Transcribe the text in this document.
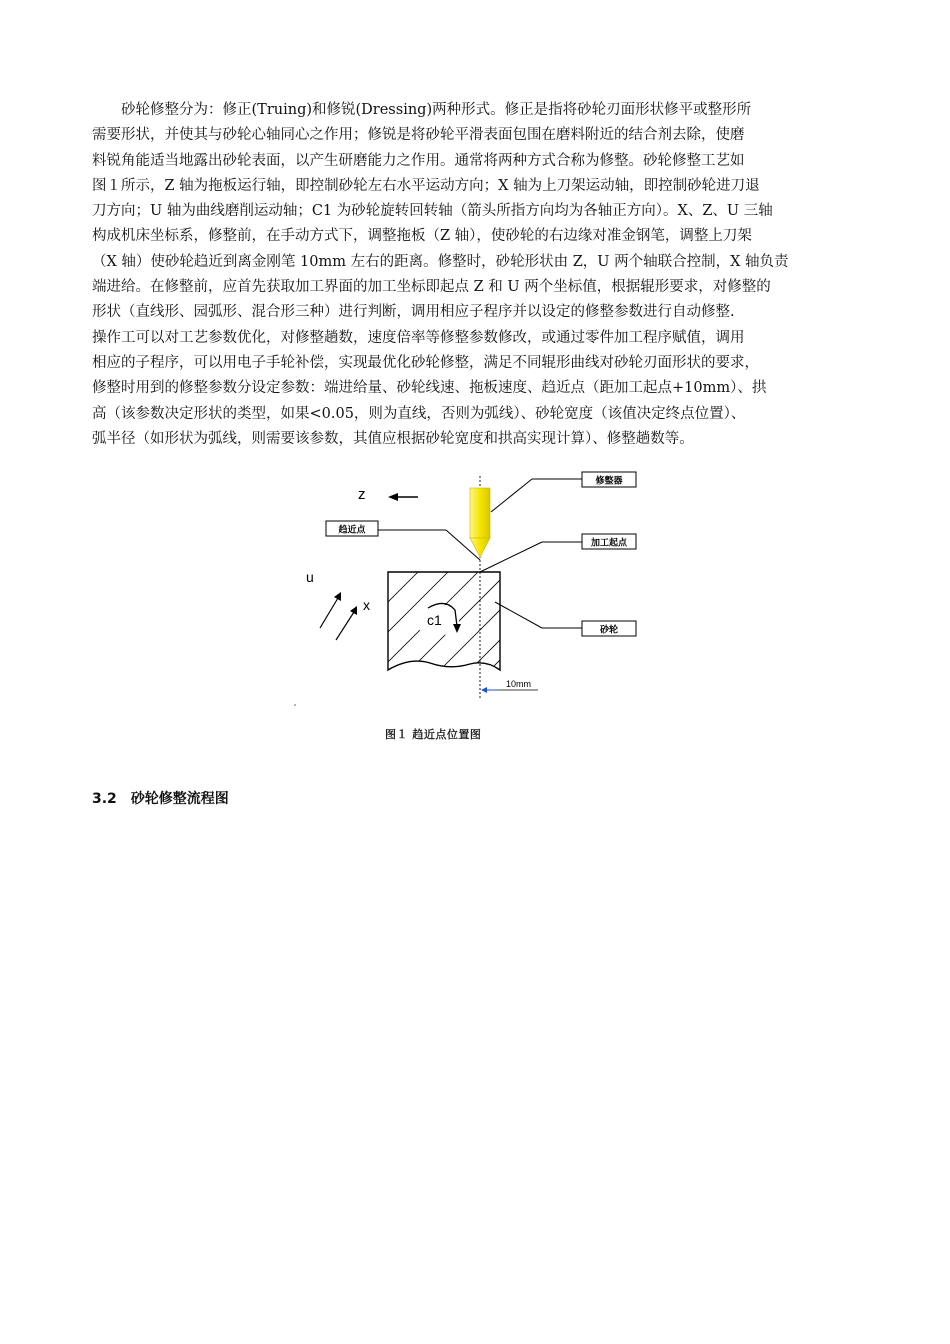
　　砂轮修整分为：修正(Truing)和修锐(Dressing)两种形式。修正是指将砂轮刃面形状修平或整形所
需要形状，并使其与砂轮心轴同心之作用；修锐是将砂轮平滑表面包围在磨料附近的结合剂去除，使磨
料锐角能适当地露出砂轮表面，以产生研磨能力之作用。通常将两种方式合称为修整。砂轮修整工艺如
图１所示，Z 轴为拖板运行轴，即控制砂轮左右水平运动方向；X 轴为上刀架运动轴，即控制砂轮进刀退
刀方向；U 轴为曲线磨削运动轴；C1 为砂轮旋转回转轴（箭头所指方向均为各轴正方向）。X、Z、U 三轴
构成机床坐标系，修整前，在手动方式下，调整拖板（Z 轴），使砂轮的右边缘对准金钢笔，调整上刀架
（X 轴）使砂轮趋近到离金刚笔 10mm 左右的距离。修整时，砂轮形状由 Z，U 两个轴联合控制，X 轴负责
端进给。在修整前，应首先获取加工界面的加工坐标即起点 Z 和 U 两个坐标值，根据辊形要求，对修整的
形状（直线形、园弧形、混合形三种）进行判断，调用相应子程序并以设定的修整参数进行自动修整.
操作工可以对工艺参数优化，对修整趟数，速度倍率等修整参数修改，或通过零件加工程序赋值，调用
相应的子程序，可以用电子手轮补偿，实现最优化砂轮修整，满足不同辊形曲线对砂轮刃面形状的要求，
修整时用到的修整参数分设定参数：端进给量、砂轮线速、拖板速度、趋近点（距加工起点+10mm）、拱
高（该参数决定形状的类型，如果<0.05，则为直线，否则为弧线）、砂轮宽度（该值决定终点位置）、
弧半径（如形状为弧线，则需要该参数，其值应根据砂轮宽度和拱高实现计算）、修整趟数等。
z
c1
u
x
修整器
趋近点
加工起点
砂轮
10mm
图１ 趋近点位置图
3.2 砂轮修整流程图
